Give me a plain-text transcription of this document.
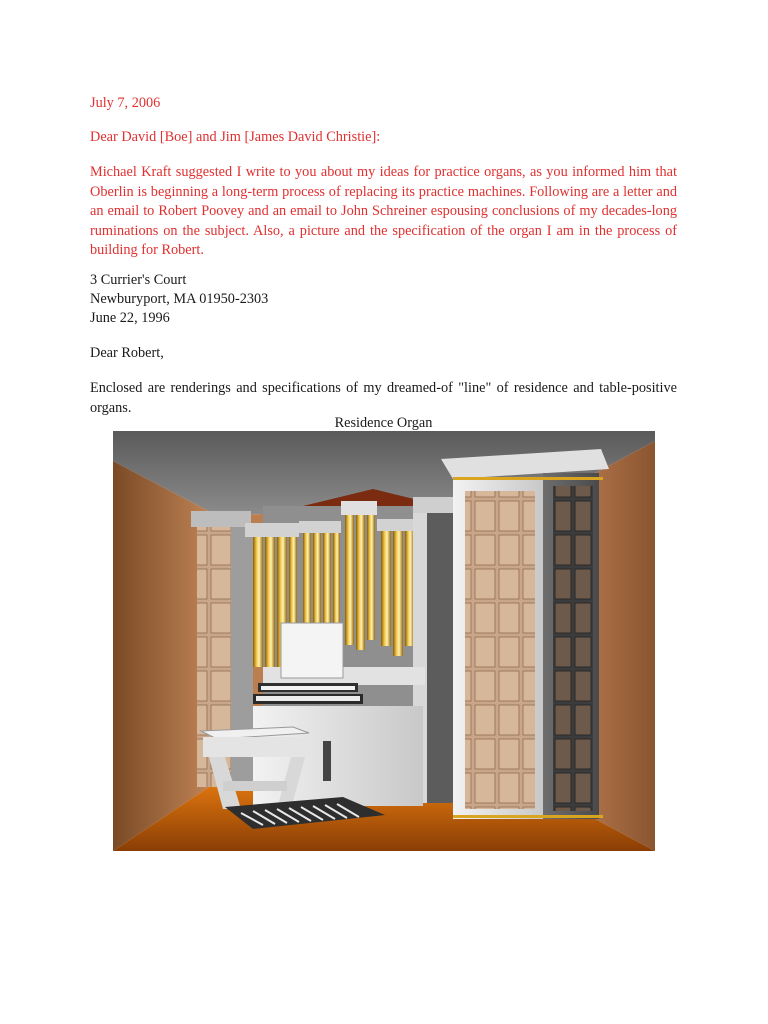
July 7, 2006
Dear David [Boe] and Jim [James David Christie]:
Michael Kraft suggested I write to you about my ideas for practice organs, as you informed him that Oberlin is beginning a long-term process of replacing its practice machines. Following are a letter and an email to Robert Poovey and an email to John Schreiner espousing conclusions of my decades-long ruminations on the subject. Also, a picture and the specification of the organ I am in the process of building for Robert.
3 Currier's Court
Newburyport, MA 01950-2303
June 22, 1996
Dear Robert,
Enclosed are renderings and specifications of my dreamed-of "line" of residence and table-positive organs.
Residence Organ
